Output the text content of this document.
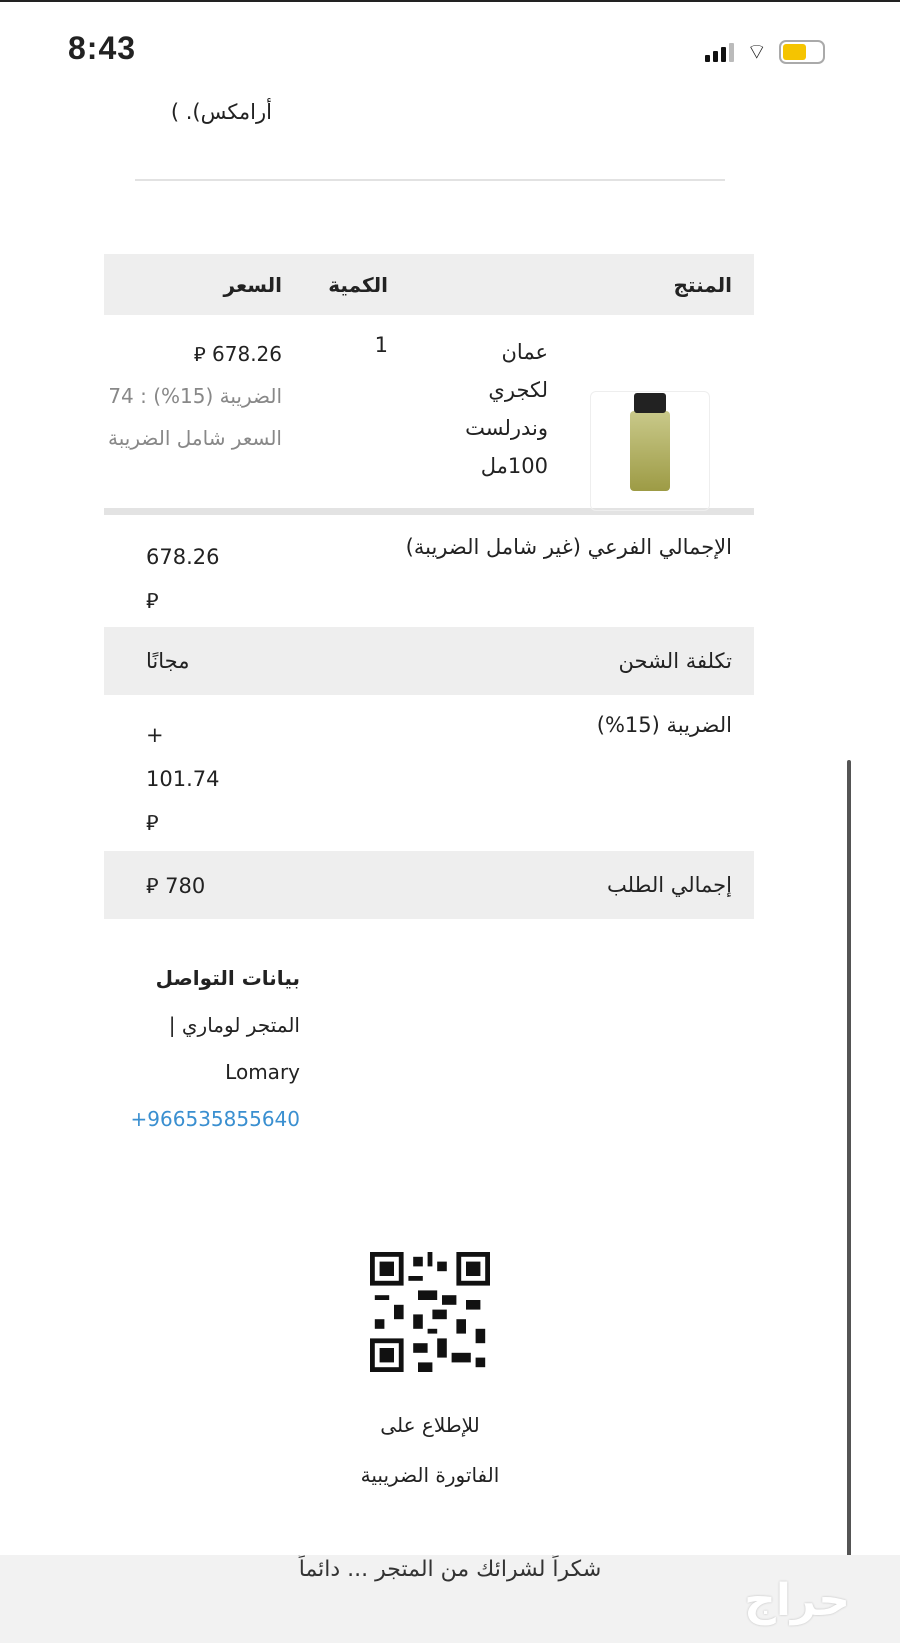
8:43	⌔
أرامكس). )
المنتج
الكمية
السعر
عمان
لكجري
وندرلست
100مل
1
678.26 ⃁
الضريبة (15%) : 74
السعر شامل الضريبة
الإجمالي الفرعي (غير شامل الضريبة)
678.26
⃁
تكلفة الشحن
مجانًا
الضريبة (15%)
+
101.74
⃁
إجمالي الطلب
780 ⃁
بيانات التواصل
المتجر لوماري |
Lomary
+966535855640
للإطلاع على
الفاتورة الضريبية
شكراً لشرائك من المتجر ... دائماً
حراج
